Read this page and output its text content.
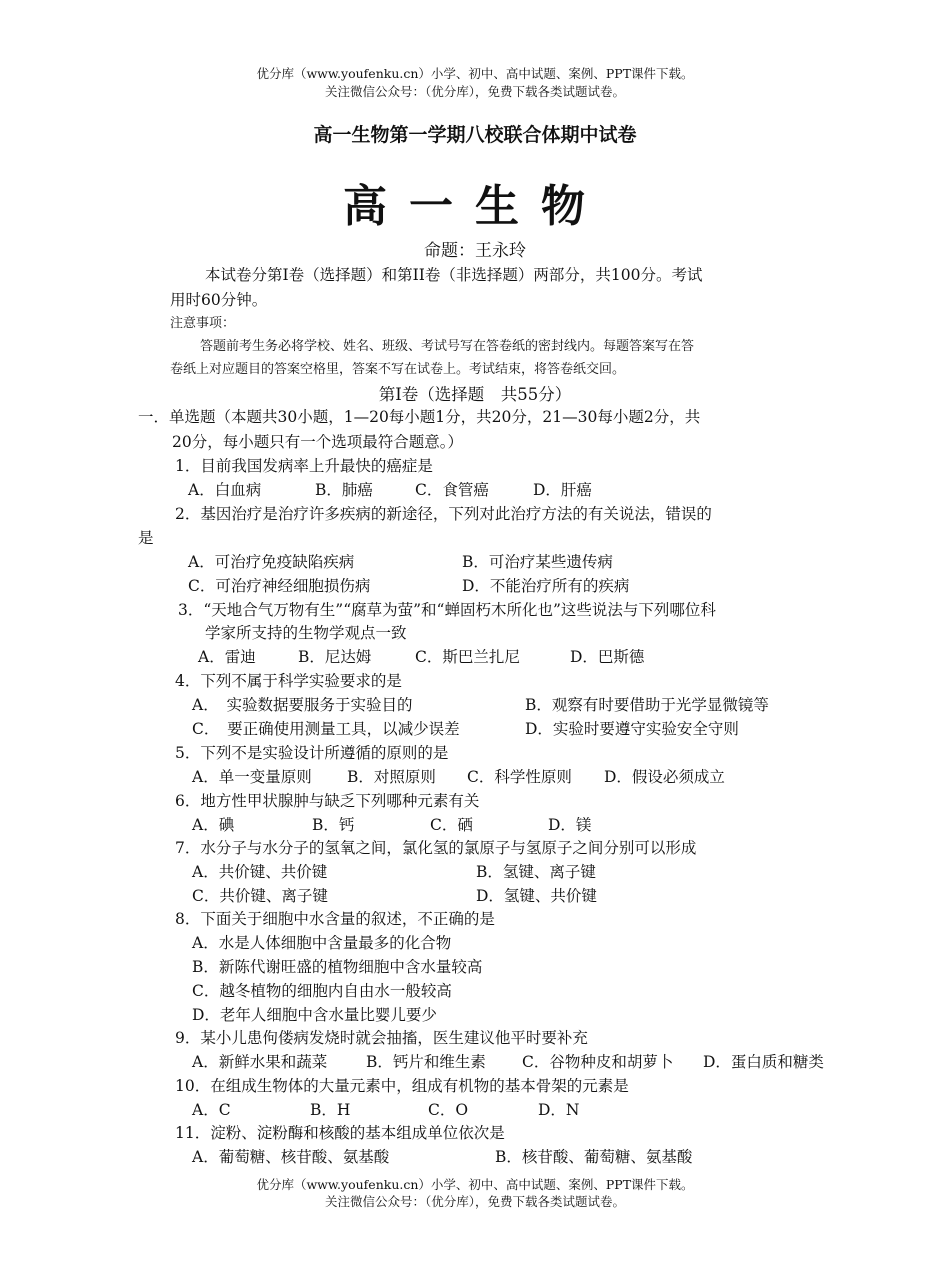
优分库（www.youfenku.cn）小学、初中、高中试题、案例、PPT课件下载。
关注微信公众号：（优分库），免费下载各类试题试卷。
高一生物第一学期八校联合体期中试卷
高一生物
命题：王永玲
本试卷分第I卷（选择题）和第II卷（非选择题）两部分，共100分。考试
用时60分钟。
注意事项：
答题前考生务必将学校、姓名、班级、考试号写在答卷纸的密封线内。每题答案写在答
卷纸上对应题目的答案空格里，答案不写在试卷上。考试结束，将答卷纸交回。
第I卷（选择题　共55分）
一．单选题（本题共30小题，1—20每小题1分，共20分，21—30每小题2分，共
20分，每小题只有一个选项最符合题意。）
1．目前我国发病率上升最快的癌症是
A．白血病	B．肺癌	C．食管癌	D．肝癌
2．基因治疗是治疗许多疾病的新途径，下列对此治疗方法的有关说法，错误的
是
A．可治疗免疫缺陷疾病	B．可治疗某些遗传病
C．可治疗神经细胞损伤病	D．不能治疗所有的疾病
3．“天地合气万物有生”“腐草为萤”和“蝉固朽木所化也”这些说法与下列哪位科
学家所支持的生物学观点一致
A．雷迪	B．尼达姆	C．斯巴兰扎尼	D．巴斯德
4．下列不属于科学实验要求的是
A．　实验数据要服务于实验目的	B．观察有时要借助于光学显微镜等
C．　要正确使用测量工具，以减少误差	D．实验时要遵守实验安全守则
5．下列不是实验设计所遵循的原则的是
A．单一变量原则 B．对照原则 C．科学性原则 D．假设必须成立
6．地方性甲状腺肿与缺乏下列哪种元素有关
A．碘	B．钙	C．硒	D．镁
7．水分子与水分子的氢氧之间，氯化氢的氯原子与氢原子之间分别可以形成
A．共价键、共价键	B．氢键、离子键
C．共价键、离子键	D．氢键、共价键
8．下面关于细胞中水含量的叙述，不正确的是
A．水是人体细胞中含量最多的化合物
B．新陈代谢旺盛的植物细胞中含水量较高
C．越冬植物的细胞内自由水一般较高
D．老年人细胞中含水量比婴儿要少
9．某小儿患佝偻病发烧时就会抽搐，医生建议他平时要补充
A．新鲜水果和蔬菜	B．钙片和维生素 C．谷物种皮和胡萝卜 D．蛋白质和糖类
10．在组成生物体的大量元素中，组成有机物的基本骨架的元素是
A．C	B．H	C．O	D．N
11．淀粉、淀粉酶和核酸的基本组成单位依次是
A．葡萄糖、核苷酸、氨基酸	B．核苷酸、葡萄糖、氨基酸
优分库（www.youfenku.cn）小学、初中、高中试题、案例、PPT课件下载。
关注微信公众号：（优分库），免费下载各类试题试卷。
